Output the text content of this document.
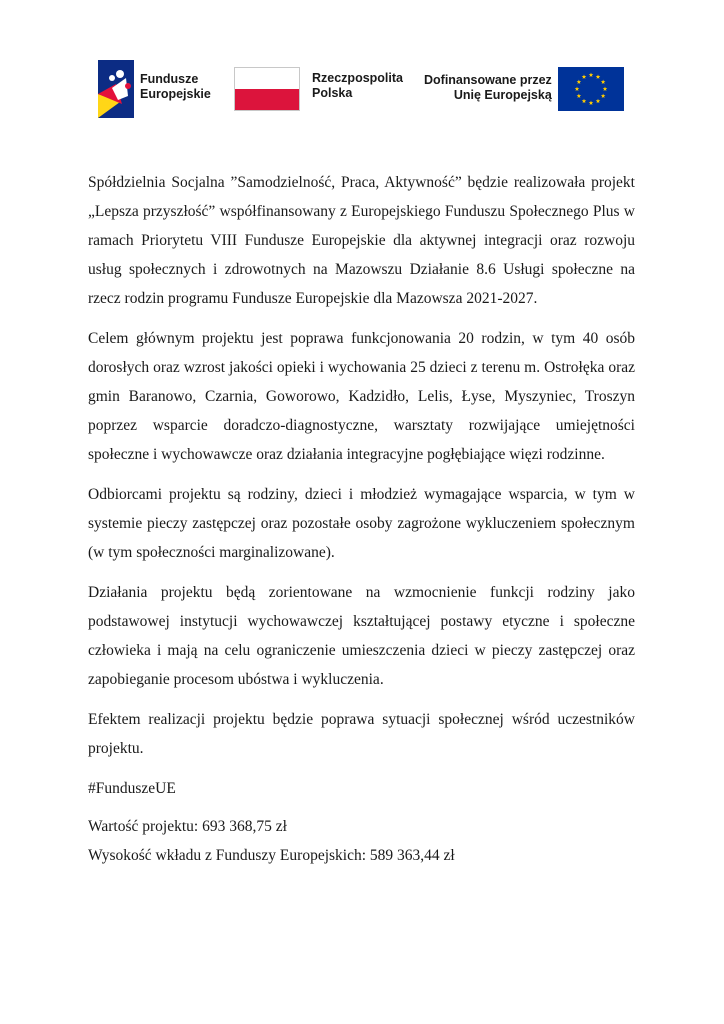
Fundusze
Europejskie
Rzeczpospolita
Polska
Dofinansowane przez
Unię Europejską

Spółdzielnia Socjalna ”Samodzielność, Praca, Aktywność” będzie realizowała projekt „Lepsza przyszłość” współfinansowany z Europejskiego Funduszu Społecznego Plus w ramach Priorytetu VIII Fundusze Europejskie dla aktywnej integracji oraz rozwoju usług społecznych i zdrowotnych na Mazowszu Działanie 8.6 Usługi społeczne na rzecz rodzin programu Fundusze Europejskie dla Mazowsza 2021-2027.

Celem głównym projektu jest poprawa funkcjonowania 20 rodzin, w tym 40 osób dorosłych oraz wzrost jakości opieki i wychowania 25 dzieci z terenu m. Ostrołęka oraz gmin Baranowo, Czarnia, Goworowo, Kadzidło, Lelis, Łyse, Myszyniec, Troszyn poprzez wsparcie doradczo-diagnostyczne, warsztaty rozwijające umiejętności społeczne i wychowawcze oraz działania integracyjne pogłębiające więzi rodzinne.

Odbiorcami projektu są rodziny, dzieci i młodzież wymagające wsparcia, w tym w systemie pieczy zastępczej oraz pozostałe osoby zagrożone wykluczeniem społecznym (w tym społeczności marginalizowane).

Działania projektu będą zorientowane na wzmocnienie funkcji rodziny jako podstawowej instytucji wychowawczej kształtującej postawy etyczne i społeczne człowieka i mają na celu ograniczenie umieszczenia dzieci w pieczy zastępczej oraz zapobieganie procesom ubóstwa i wykluczenia.

Efektem realizacji projektu będzie poprawa sytuacji społecznej wśród uczestników projektu.

#FunduszeUE

Wartość projektu: 693 368,75 zł

Wysokość wkładu z Funduszy Europejskich: 589 363,44 zł
